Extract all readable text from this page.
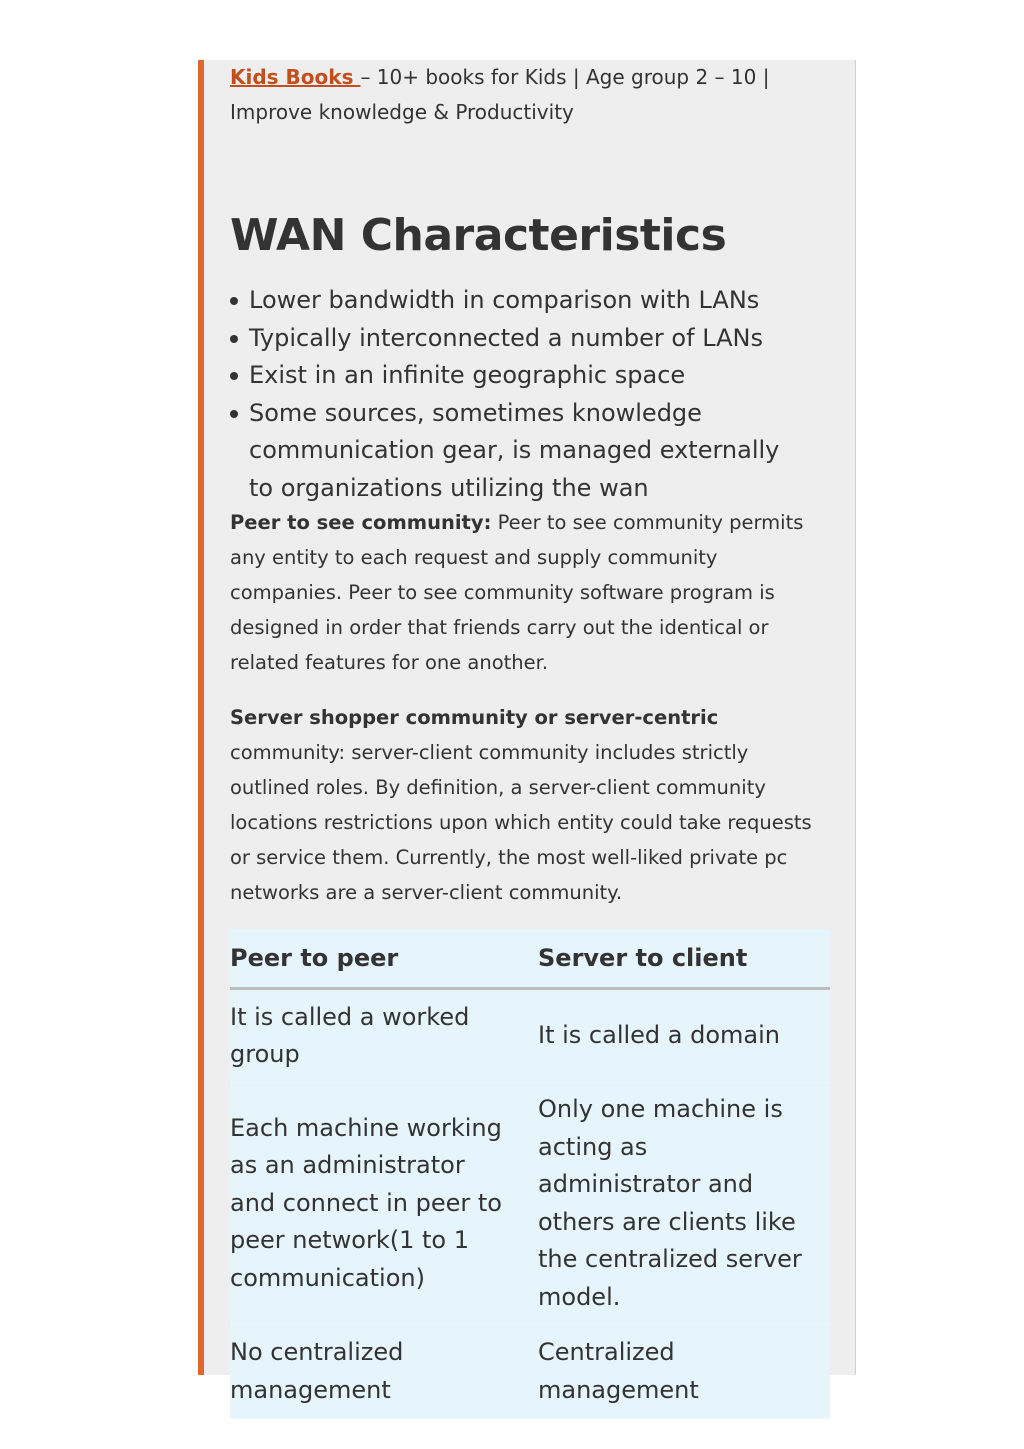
Kids Books – 10+ books for Kids | Age group 2 – 10 | Improve knowledge & Productivity

WAN Characteristics
Lower bandwidth in comparison with LANs
Typically interconnected a number of LANs
Exist in an infinite geographic space
Some sources, sometimes knowledge communication gear, is managed externally to organizations utilizing the wan

Peer to see community: Peer to see community permits any entity to each request and supply community companies. Peer to see community software program is designed in order that friends carry out the identical or related features for one another.

Server shopper community or server-centric community: server-client community includes strictly outlined roles. By definition, a server-client community locations restrictions upon which entity could take requests or service them. Currently, the most well-liked private pc networks are a server-client community.

Peer to peer	Server to client
It is called a worked group	It is called a domain
Each machine working as an administrator and connect in peer to peer network(1 to 1 communication)	Only one machine is acting as administrator and others are clients like the centralized server model.
No centralized management	Centralized management
